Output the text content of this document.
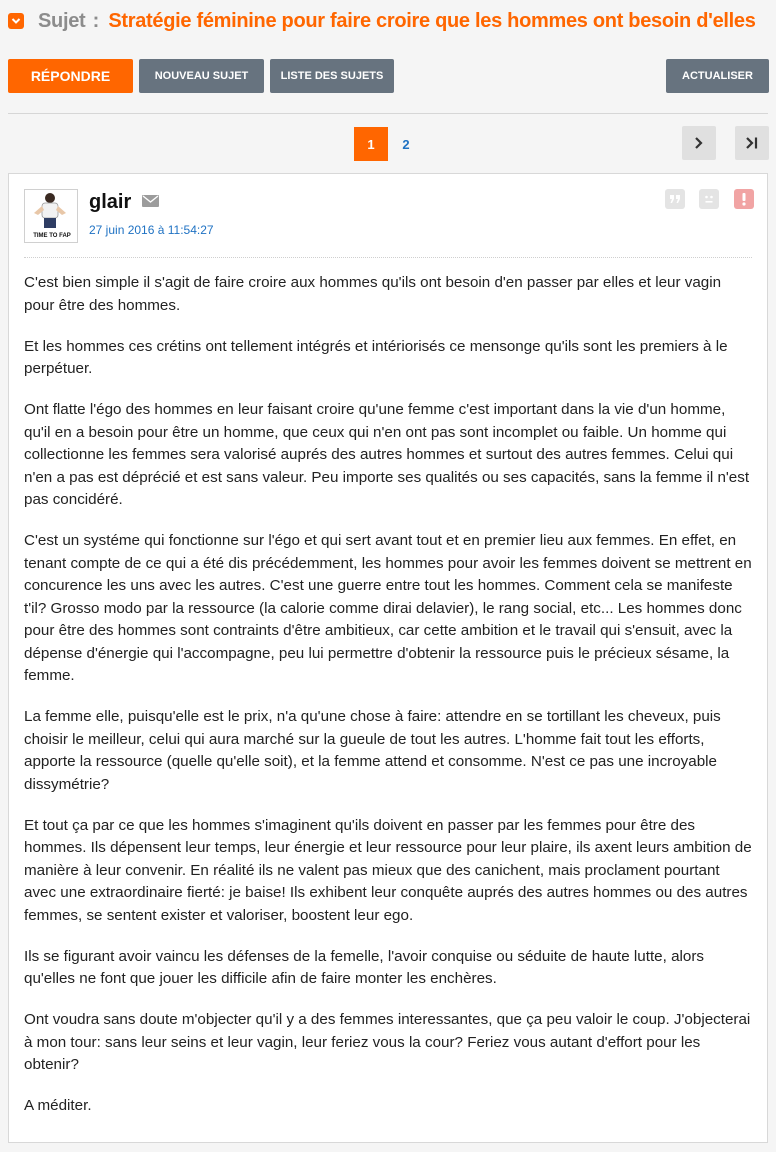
Sujet : Stratégie féminine pour faire croire que les hommes ont besoin d'elles
RÉPONDRE	NOUVEAU SUJET	LISTE DES SUJETS	ACTUALISER
1	2
TIME TO FAP
glair
27 juin 2016 à 11:54:27

C'est bien simple il s'agit de faire croire aux hommes qu'ils ont besoin d'en passer par elles et leur vagin pour être des hommes.

Et les hommes ces crétins ont tellement intégrés et intériorisés ce mensonge qu'ils sont les premiers à le perpétuer.

Ont flatte l'égo des hommes en leur faisant croire qu'une femme c'est important dans la vie d'un homme, qu'il en a besoin pour être un homme, que ceux qui n'en ont pas sont incomplet ou faible. Un homme qui collectionne les femmes sera valorisé auprés des autres hommes et surtout des autres femmes. Celui qui n'en a pas est déprécié et est sans valeur. Peu importe ses qualités ou ses capacités, sans la femme il n'est pas concidéré.

C'est un systéme qui fonctionne sur l'égo et qui sert avant tout et en premier lieu aux femmes. En effet, en tenant compte de ce qui a été dis précédemment, les hommes pour avoir les femmes doivent se mettrent en concurence les uns avec les autres. C'est une guerre entre tout les hommes. Comment cela se manifeste t'il? Grosso modo par la ressource (la calorie comme dirai delavier), le rang social, etc... Les hommes donc pour être des hommes sont contraints d'être ambitieux, car cette ambition et le travail qui s'ensuit, avec la dépense d'énergie qui l'accompagne, peu lui permettre d'obtenir la ressource puis le précieux sésame, la femme.

La femme elle, puisqu'elle est le prix, n'a qu'une chose à faire: attendre en se tortillant les cheveux, puis choisir le meilleur, celui qui aura marché sur la gueule de tout les autres. L'homme fait tout les efforts, apporte la ressource (quelle qu'elle soit), et la femme attend et consomme. N'est ce pas une incroyable dissymétrie?

Et tout ça par ce que les hommes s'imaginent qu'ils doivent en passer par les femmes pour être des hommes. Ils dépensent leur temps, leur énergie et leur ressource pour leur plaire, ils axent leurs ambition de manière à leur convenir. En réalité ils ne valent pas mieux que des canichent, mais proclament pourtant avec une extraordinaire fierté: je baise! Ils exhibent leur conquête auprés des autres hommes ou des autres femmes, se sentent exister et valoriser, boostent leur ego.

Ils se figurant avoir vaincu les défenses de la femelle, l'avoir conquise ou séduite de haute lutte, alors qu'elles ne font que jouer les difficile afin de faire monter les enchères.

Ont voudra sans doute m'objecter qu'il y a des femmes interessantes, que ça peu valoir le coup. J'objecterai à mon tour: sans leur seins et leur vagin, leur feriez vous la cour? Feriez vous autant d'effort pour les obtenir?

A méditer.
